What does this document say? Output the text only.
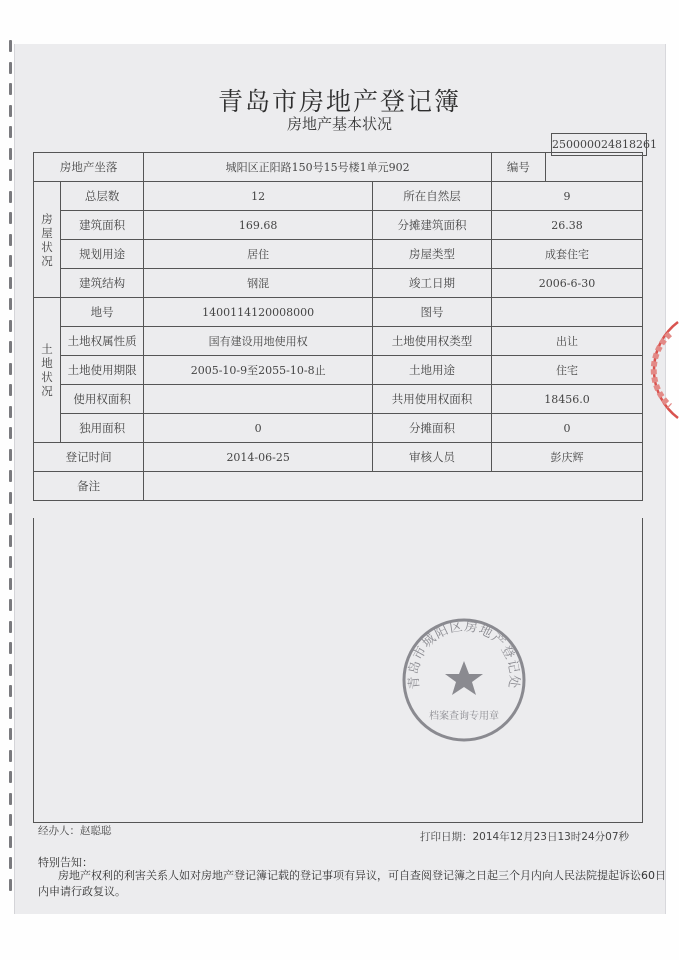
青岛市房地产登记簿
房地产基本状况
250000024818261
房地产坐落		城阳区正阳路150号15号楼1单元902		编号	
房屋状况	总层数	12	所在自然层	9	
	建筑面积	169.68	分摊建筑面积	26.38	
	规划用途	居住	房屋类型	成套住宅	
	建筑结构	钢混	竣工日期	2006-6-30	
土地状况	地号	1400114120008000	图号		
	土地权属性质	国有建设用地使用权	土地使用权类型	出让	
	土地使用期限	2005-10-9至2055-10-8止	土地用途	住宅	
	使用权面积		共用使用权面积	18456.0	
	独用面积	0	分摊面积	0	
登记时间		2014-06-25	审核人员	彭庆辉	
备注					
青岛市城阳区房地产登记处
档案查询专用章
经办人：赵聪聪	打印日期：2014年12月23日13时24分07秒
特别告知：
房地产权利的利害关系人如对房地产登记簿记载的登记事项有异议，可自查阅登记簿之日起三个月内向人民法院提起诉讼60日内申请行政复议。
